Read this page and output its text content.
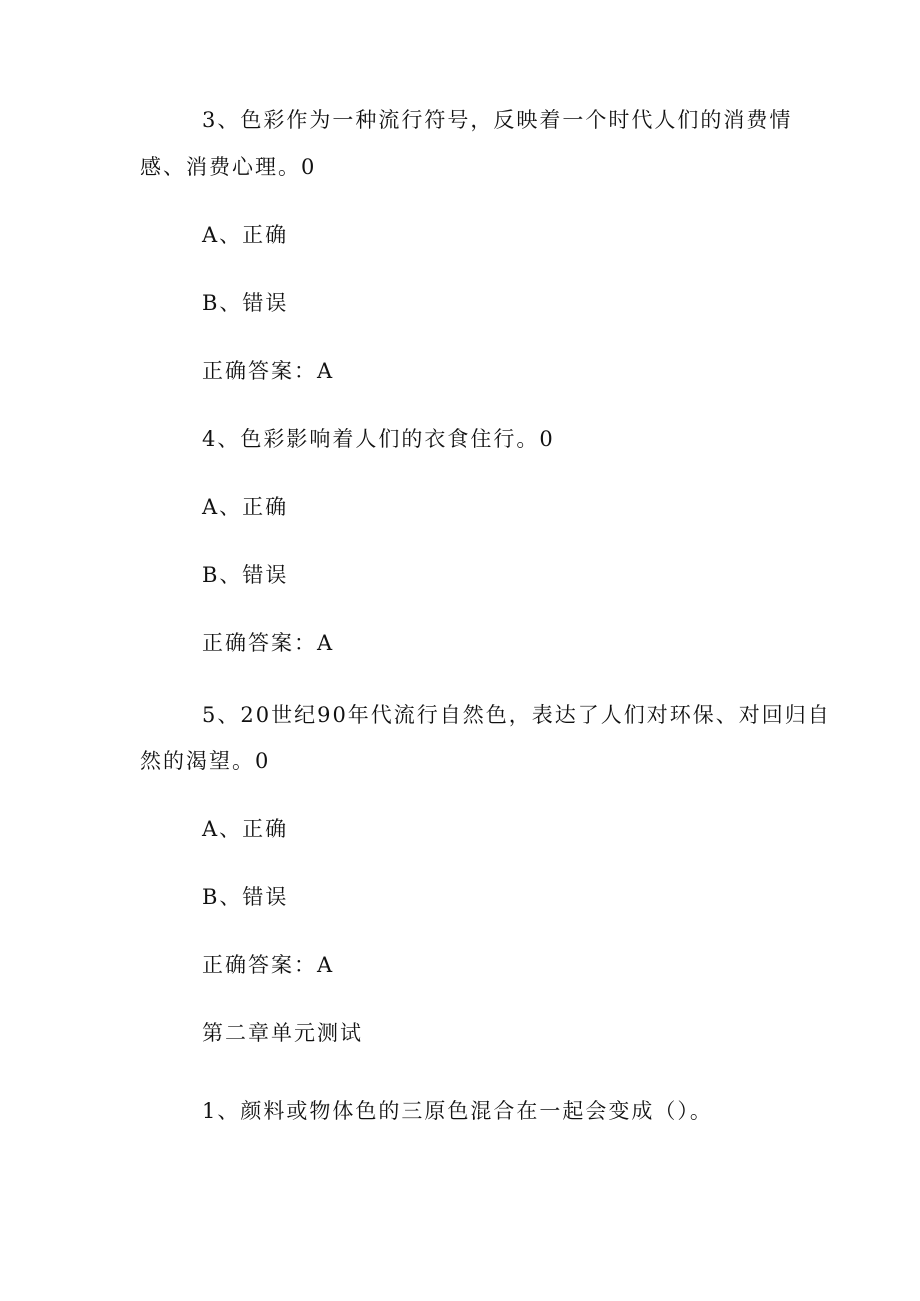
3、色彩作为一种流行符号，反映着一个时代人们的消费情
感、消费心理。0
A、正确
B、错误
正确答案：A
4、色彩影响着人们的衣食住行。0
A、正确
B、错误
正确答案：A
5、20世纪90年代流行自然色，表达了人们对环保、对回归自
然的渴望。0
A、正确
B、错误
正确答案：A
第二章单元测试
1、颜料或物体色的三原色混合在一起会变成（）。
